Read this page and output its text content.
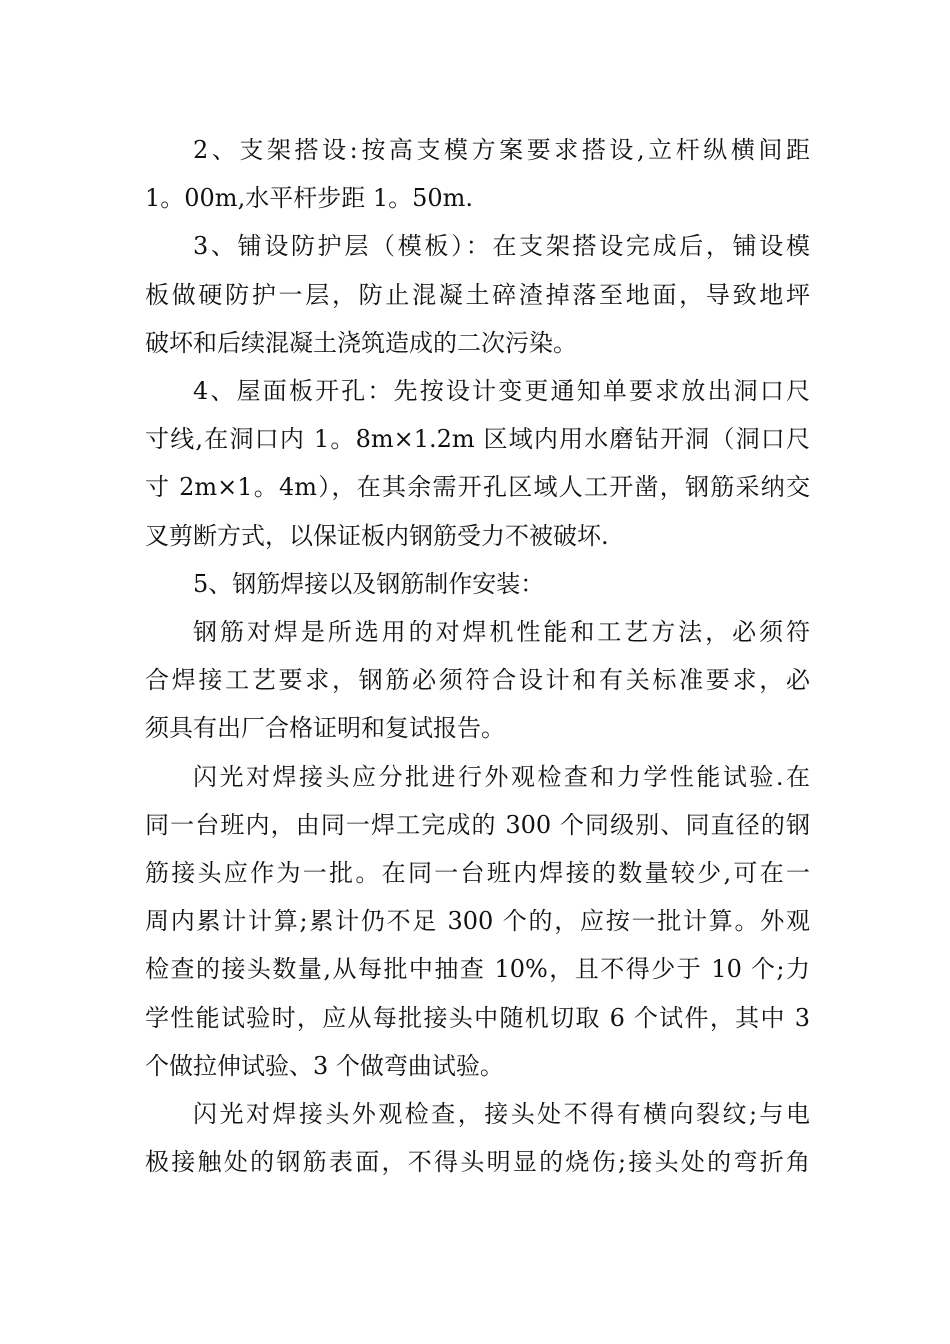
2、支架搭设:按高支模方案要求搭设,立杆纵横间距
1。00m,水平杆步距 1。50m.
3、铺设防护层（模板）：在支架搭设完成后，铺设模
板做硬防护一层，防止混凝土碎渣掉落至地面，导致地坪
破坏和后续混凝土浇筑造成的二次污染。
4、屋面板开孔：先按设计变更通知单要求放出洞口尺
寸线,在洞口内 1。8m×1.2m 区域内用水磨钻开洞（洞口尺
寸 2m×1。4m），在其余需开孔区域人工开凿，钢筋采纳交
叉剪断方式，以保证板内钢筋受力不被破坏.
5、钢筋焊接以及钢筋制作安装：
钢筋对焊是所选用的对焊机性能和工艺方法，必须符
合焊接工艺要求，钢筋必须符合设计和有关标准要求，必
须具有出厂合格证明和复试报告。
闪光对焊接头应分批进行外观检查和力学性能试验.在
同一台班内，由同一焊工完成的 300 个同级别、同直径的钢
筋接头应作为一批。在同一台班内焊接的数量较少,可在一
周内累计计算;累计仍不足 300 个的，应按一批计算。外观
检查的接头数量,从每批中抽查 10%，且不得少于 10 个;力
学性能试验时，应从每批接头中随机切取 6 个试件，其中 3
个做拉伸试验、3 个做弯曲试验。
闪光对焊接头外观检查，接头处不得有横向裂纹;与电
极接触处的钢筋表面，不得头明显的烧伤;接头处的弯折角
